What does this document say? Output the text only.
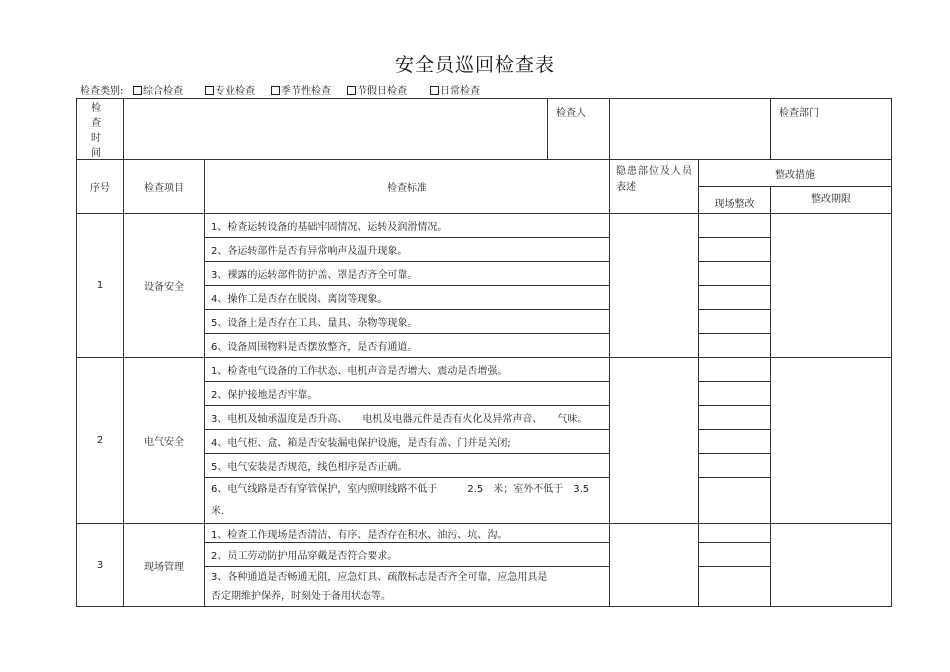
安全员巡回检查表
检查类别:	综合检查	专业检查	季节性检查	节假日检查	日常检查
检 查
时 间			检查人			检查部门	
序号	检查项目	检查标准		隐患部位及人员表述	整改措施		
					现场整改	整改期限	
1	设备安全	1、检查运转设备的基础牢固情况、运转及润滑情况。					
		2、各运转部件是否有异常响声及温升现象。					
		3、裸露的运转部件防护盖、罩是否齐全可靠。					
		4、操作工是否存在脱岗、离岗等现象。					
		5、设备上是否存在工具、量具、杂物等现象。					
		6、设备周围物料是否摆放整齐，是否有通道。					
2	电气安全	1、检查电气设备的工作状态、电机声音是否增大、震动是否增强。					
		2、保护接地是否牢靠。					
		3、电机及轴承温度是否升高、　　电机及电器元件是否有火化及异常声音、　　气味。					
		4、电气柜、盒、箱是否安装漏电保护设施，是否有盖、门并是关闭;					
		5、电气安装是否规范，线色相序是否正确。					

		6、电气线路是否有穿管保护，室内照明线路不低于　　　2.5　米；室外不低于　3.5
米.					

3	现场管理	1、检查工作现场是否清洁、有序、是否存在积水、油污、坑、沟。					
		2、员工劳动防护用品穿戴是否符合要求。					

		3、各种通道是否畅通无阻，应急灯具、疏散标志是否齐全可靠，应急用具是
否定期维护保养，时刻处于备用状态等。					
